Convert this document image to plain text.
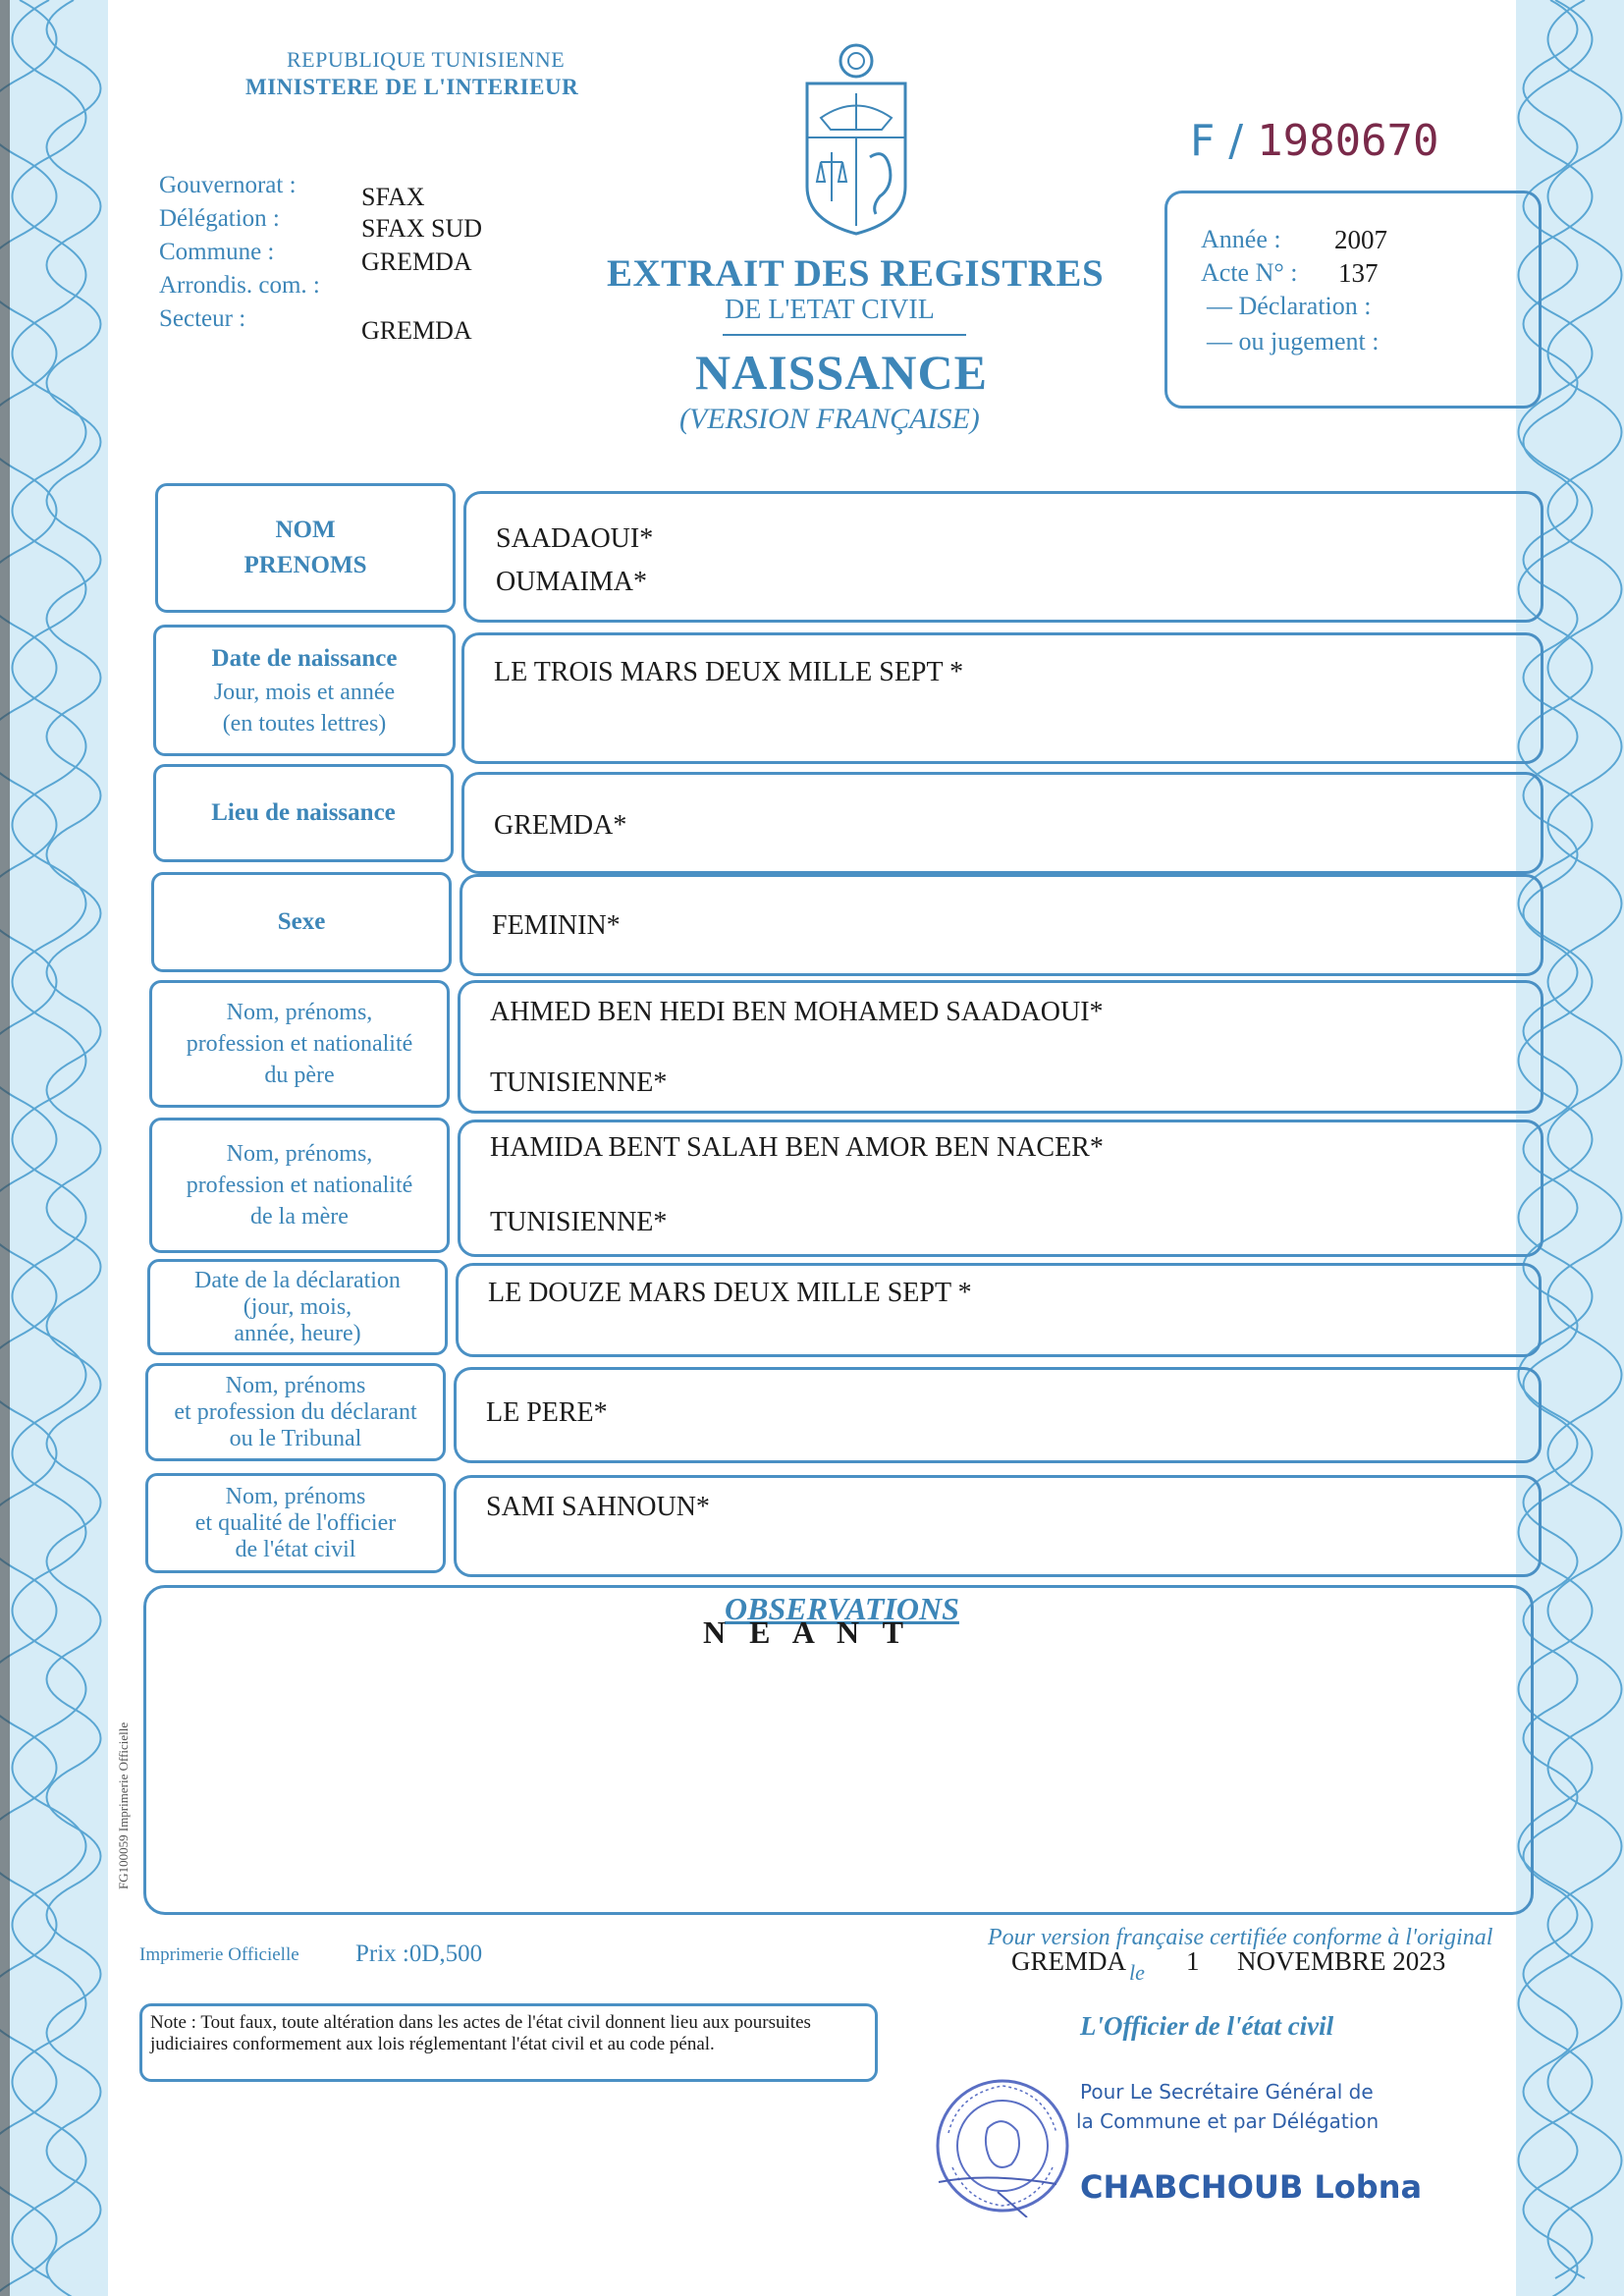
REPUBLIQUE TUNISIENNE
MINISTERE DE L'INTERIEUR
F / 1980670
Gouvernorat :
Délégation :
Commune :
Arrondis. com. :
Secteur :
SFAX
SFAX SUD
GREMDA
GREMDA
EXTRAIT DES REGISTRES
DE L'ETAT CIVIL
NAISSANCE
(VERSION FRANÇAISE)
Année : 2007
Acte N° : 137
— Déclaration :
— ou jugement :
NOM
PRENOMS
SAADAOUI*
OUMAIMA*
Date de naissance
Jour, mois et année
(en toutes lettres)
LE TROIS MARS DEUX MILLE SEPT *
Lieu de naissance	GREMDA*
Sexe	FEMININ*
Nom, prénoms,
profession et nationalité
du père
AHMED BEN HEDI BEN MOHAMED SAADAOUI*
TUNISIENNE*
Nom, prénoms,
profession et nationalité
de la mère
HAMIDA BENT SALAH BEN AMOR BEN NACER*
TUNISIENNE*
Date de la déclaration
(jour, mois,
année, heure)
LE DOUZE MARS DEUX MILLE SEPT *
Nom, prénoms
et profession du déclarant
ou le Tribunal
LE PERE*
Nom, prénoms
et qualité de l'officier
de l'état civil
SAMI SAHNOUN*
OBSERVATIONS
N E A N T
FG100059 Imprimerie Officielle
Imprimerie Officielle Prix :0D,500
Pour version française certifiée conforme à l'original
GREMDA le 1 NOVEMBRE 2023
Note : Tout faux, toute altération dans les actes de l'état civil donnent lieu aux poursuites judiciaires conformement aux lois réglementant l'état civil et au code pénal.
L'Officier de l'état civil
Pour Le Secrétaire Général de
la Commune et par Délégation
CHABCHOUB Lobna
